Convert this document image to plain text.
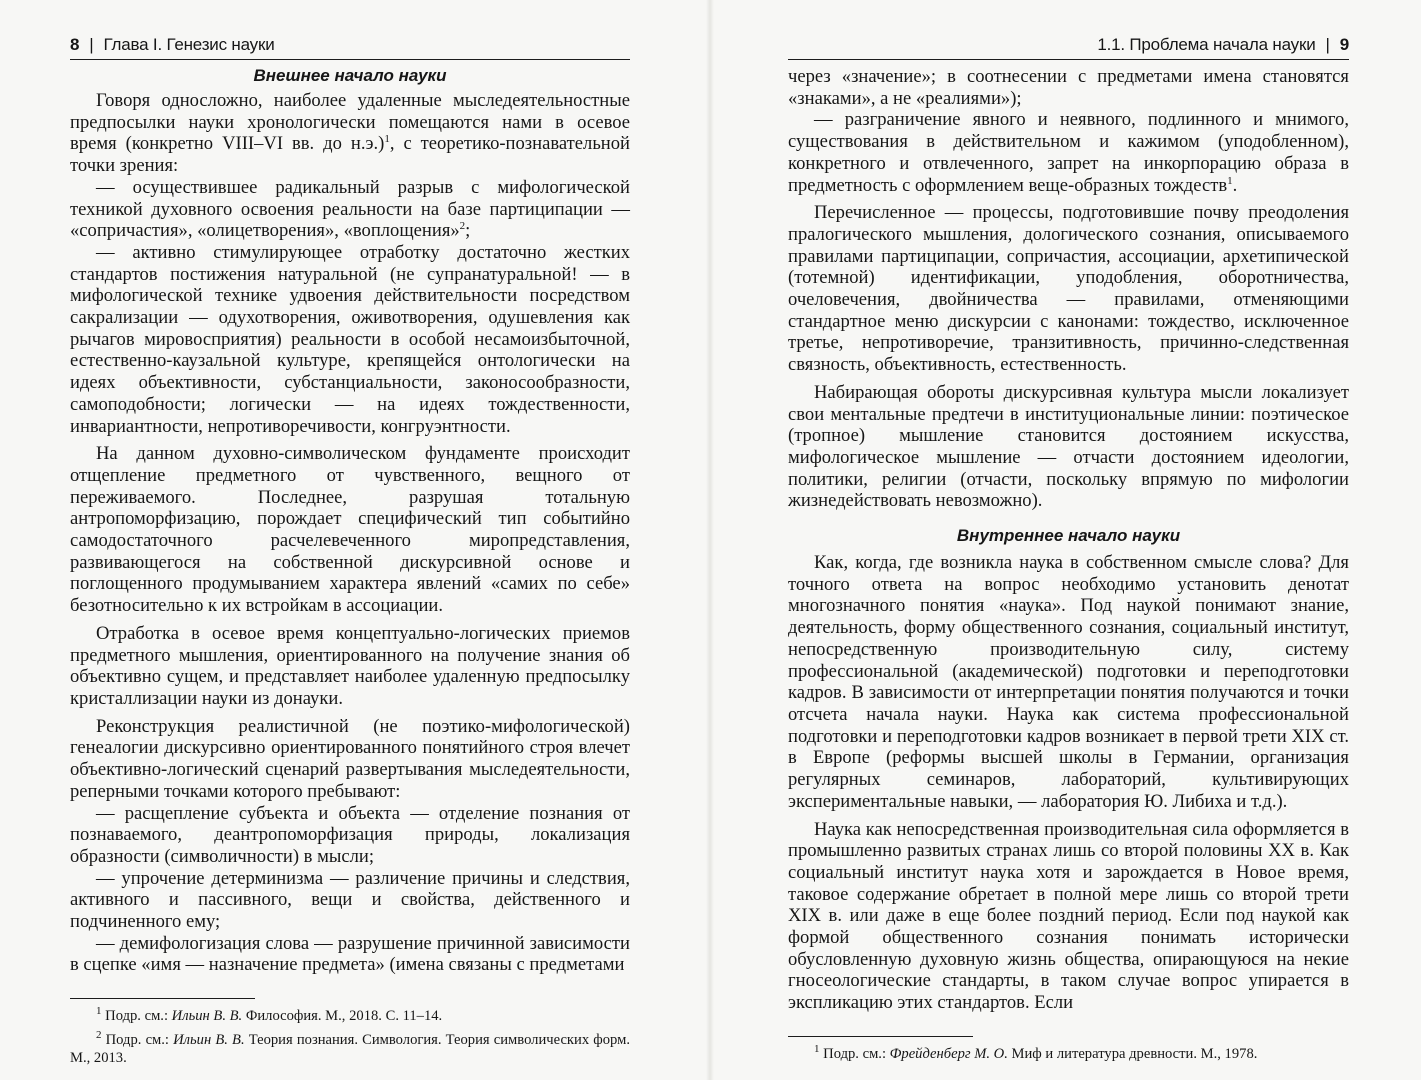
8 | Глава I. Генезис науки
Внешнее начало науки

Говоря односложно, наиболее удаленные мыследеятельностные предпосылки науки хронологически помещаются нами в осевое время (конкретно VIII–VI вв. до н.э.)$^1$, с теоретико-познавательной точки зрения:

— осуществившее радикальный разрыв с мифологической техникой духовного освоения реальности на базе партиципации — «сопричастия», «олицетворения», «воплощения»$^2$;

— активно стимулирующее отработку достаточно жестких стандартов постижения натуральной (не супранатуральной! — в мифологической технике удвоения действительности посредством сакрализации — одухотворения, оживотворения, одушевления как рычагов мировосприятия) реальности в особой несамоизбыточной, естественно-каузальной культуре, крепящейся онтологически на идеях объективности, субстанциальности, законосообразности, самоподобности; логически — на идеях тождественности, инвариантности, непротиворечивости, конгруэнтности.

На данном духовно-символическом фундаменте происходит отщепление предметного от чувственного, вещного от переживаемого. Последнее, разрушая тотальную антропоморфизацию, порождает специфический тип событийно самодостаточного расчелевеченного миропредставления, развивающегося на собственной дискурсивной основе и поглощенного продумыванием характера явлений «самих по себе» безотносительно к их встройкам в ассоциации.

Отработка в осевое время концептуально-логических приемов предметного мышления, ориентированного на получение знания об объективно сущем, и представляет наиболее удаленную предпосылку кристаллизации науки из донауки.

Реконструкция реалистичной (не поэтико-мифологической) генеалогии дискурсивно ориентированного понятийного строя влечет объективно-логический сценарий развертывания мыследеятельности, реперными точками которого пребывают:

— расщепление субъекта и объекта — отделение познания от познаваемого, деантропоморфизация природы, локализация образности (символичности) в мысли;

— упрочение детерминизма — различение причины и следствия, активного и пассивного, вещи и свойства, действенного и подчиненного ему;

— демифологизация слова — разрушение причинной зависимости в сцепке «имя — назначение предмета» (имена связаны с предметами

$^1$ Подр. см.: Ильин В. В. Философия. М., 2018. С. 11–14.

$^2$ Подр. см.: Ильин В. В. Теория познания. Симвология. Теория символических форм. М., 2013.

1.1. Проблема начала науки | 9

через «значение»; в соотнесении с предметами имена становятся «знаками», а не «реалиями»);

— разграничение явного и неявного, подлинного и мнимого, существования в действительном и кажимом (уподобленном), конкретного и отвлеченного, запрет на инкорпорацию образа в предметность с оформлением веще-образных тождеств$^1$.

Перечисленное — процессы, подготовившие почву преодоления пралогического мышления, дологического сознания, описываемого правилами партиципации, сопричастия, ассоциации, архетипической (тотемной) идентификации, уподобления, оборотничества, очеловечения, двойничества — правилами, отменяющими стандартное меню дискурсии с канонами: тождество, исключенное третье, непротиворечие, транзитивность, причинно-следственная связность, объективность, естественность.

Набирающая обороты дискурсивная культура мысли локализует свои ментальные предтечи в институциональные линии: поэтическое (тропное) мышление становится достоянием искусства, мифологическое мышление — отчасти достоянием идеологии, политики, религии (отчасти, поскольку впрямую по мифологии жизнедействовать невозможно).

Внутреннее начало науки

Как, когда, где возникла наука в собственном смысле слова? Для точного ответа на вопрос необходимо установить денотат многозначного понятия «наука». Под наукой понимают знание, деятельность, форму общественного сознания, социальный институт, непосредственную производительную силу, систему профессиональной (академической) подготовки и переподготовки кадров. В зависимости от интерпретации понятия получаются и точки отсчета начала науки. Наука как система профессиональной подготовки и переподготовки кадров возникает в первой трети XIX ст. в Европе (реформы высшей школы в Германии, организация регулярных семинаров, лабораторий, культивирующих экспериментальные навыки, — лаборатория Ю. Либиха и т.д.).

Наука как непосредственная производительная сила оформляется в промышленно развитых странах лишь со второй половины XX в. Как социальный институт наука хотя и зарождается в Новое время, таковое содержание обретает в полной мере лишь со второй трети XIX в. или даже в еще более поздний период. Если под наукой как формой общественного сознания понимать исторически обусловленную духовную жизнь общества, опирающуюся на некие гносеологические стандарты, в таком случае вопрос упирается в экспликацию этих стандартов. Если

$^1$ Подр. см.: Фрейденберг М. О. Миф и литература древности. М., 1978.
